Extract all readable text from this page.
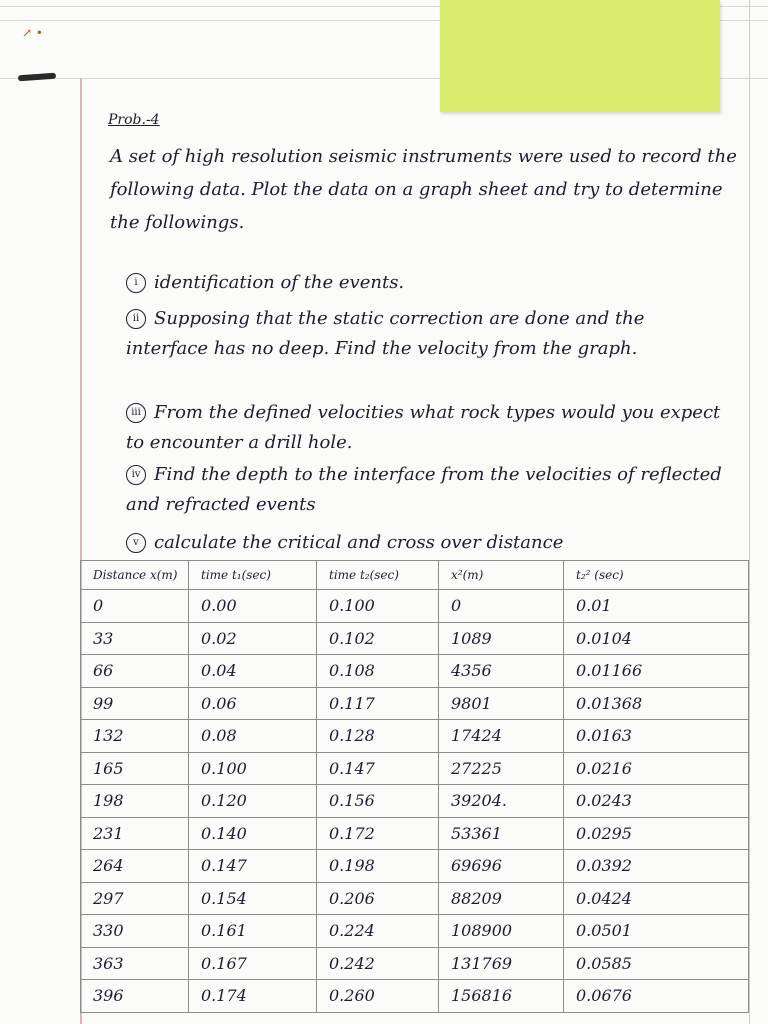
↗ •
Prob.-4
A set of high resolution seismic instruments were used to record the following data. Plot the data on a graph sheet and try to determine the followings.
i identification of the events.
ii Supposing that the static correction are done and the interface has no deep. Find the velocity from the graph.
iii From the defined velocities what rock types would you expect to encounter a drill hole.
iv Find the depth to the interface from the velocities of reflected and refracted events
v calculate the critical and cross over distance
Distance x(m)	time t₁(sec)	time t₂(sec)	x²(m)	t₂² (sec)
0	0.00	0.100	0	0.01
33	0.02	0.102	1089	0.0104
66	0.04	0.108	4356	0.01166
99	0.06	0.117	9801	0.01368
132	0.08	0.128	17424	0.0163
165	0.100	0.147	27225	0.0216
198	0.120	0.156	39204.	0.0243
231	0.140	0.172	53361	0.0295
264	0.147	0.198	69696	0.0392
297	0.154	0.206	88209	0.0424
330	0.161	0.224	108900	0.0501
363	0.167	0.242	131769	0.0585
396	0.174	0.260	156816	0.0676
